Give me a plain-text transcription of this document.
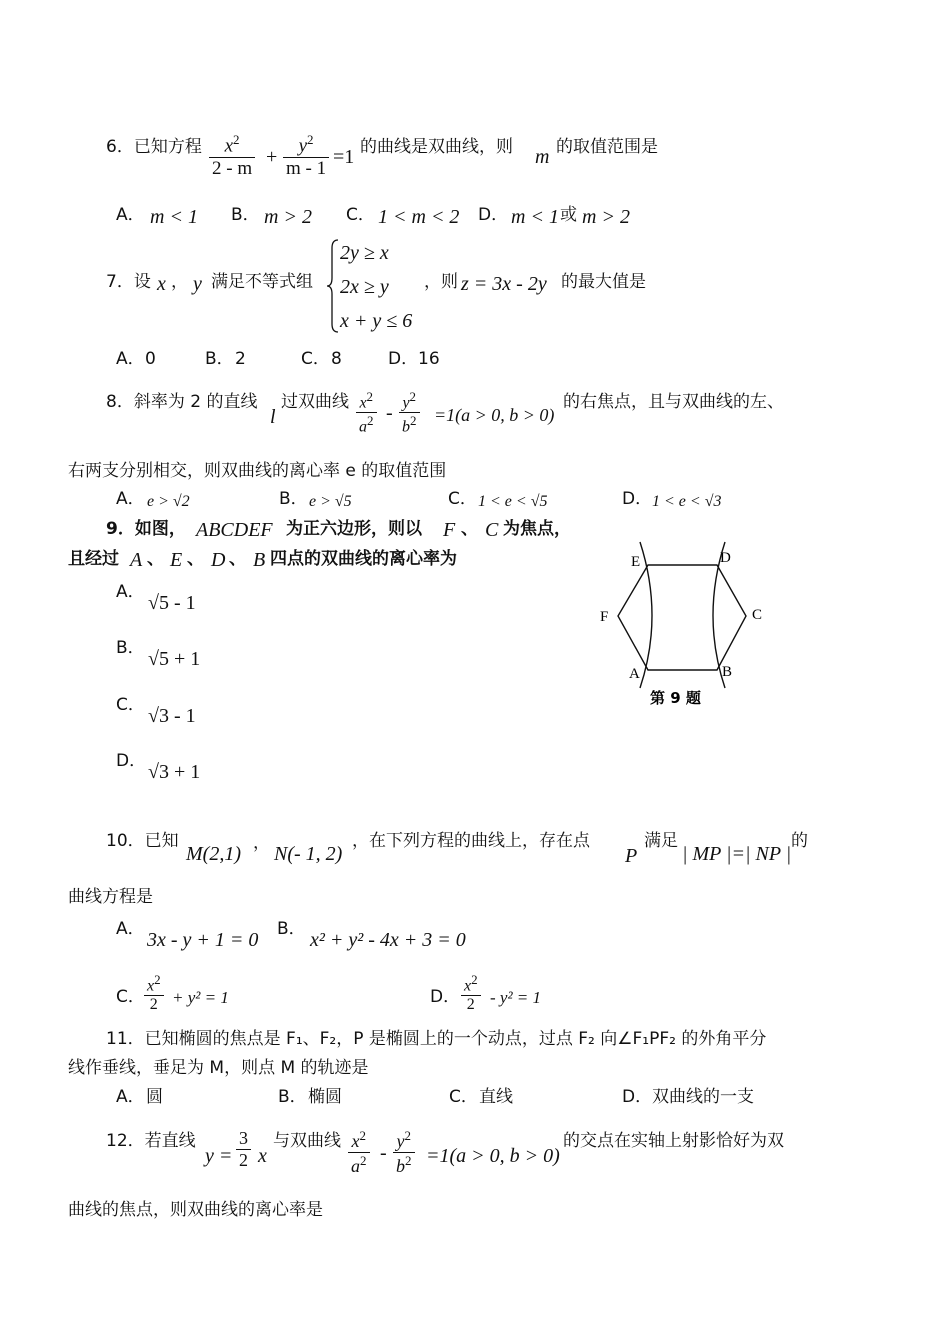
6．已知方程 $\frac{x^2}{2 - m} + \frac{y^2}{m - 1} =1$ 的曲线是双曲线，则 m 的取值范围是
A． m < 1 B． m > 2 C． 1 < m < 2 D． m < 1 或 m > 2
7．设 x ， y 满足不等式组
2y ≥ x
2x ≥ y
x + y ≤ 6
，则 z = 3x - 2y 的最大值是
A． 0	B． 2	C． 8	D． 16
8．斜率为 2 的直线
l
过双曲线 $\frac{x^2}{a^2} - \frac{y^2}{b^2} =1(a > 0$, b > 0)
的右焦点，且与双曲线的左、
右两支分别相交，则双曲线的离心率 e 的取值范围
A． e > √2	B． e > √5	C． 1 < e < √5	D． 1 < e < √3
9．如图， ABCDEF 为正六边形，则以 F 、 C 为焦点，
且经过 A 、 E 、 D 、 B 四点的双曲线的离心率为
A． √5 - 1
B． √5 + 1
C． √3 - 1
D． √3 + 1
E	D
F	C
A	B
第 9 题
10．已知
M(2,1) ， N(- 1, 2)
，在下列方程的曲线上，存在点
P
满足
| MP |=| NP |
的
曲线方程是
A． 3x - y + 1 = 0 B． x² + y² - 4x + 3 = 0
C． $\frac{x^2}{2} + y^2 = 1$	D． $\frac{x^2}{2} - y^2 = 1$
11．已知椭圆的焦点是 F₁、F₂，P 是椭圆上的一个动点，过点 F₂ 向∠F₁PF₂ 的外角平分
线作垂线，垂足为 M，则点 M 的轨迹是
A． 圆	B． 椭圆	C． 直线	D． 双曲线的一支
12．若直线
$y = \frac{3}{2}$ x
与双曲线 $\frac{x^2}{a^2} - \frac{y^2}{b^2} =1(a > 0$, b > 0)
的交点在实轴上射影恰好为双
曲线的焦点，则双曲线的离心率是
